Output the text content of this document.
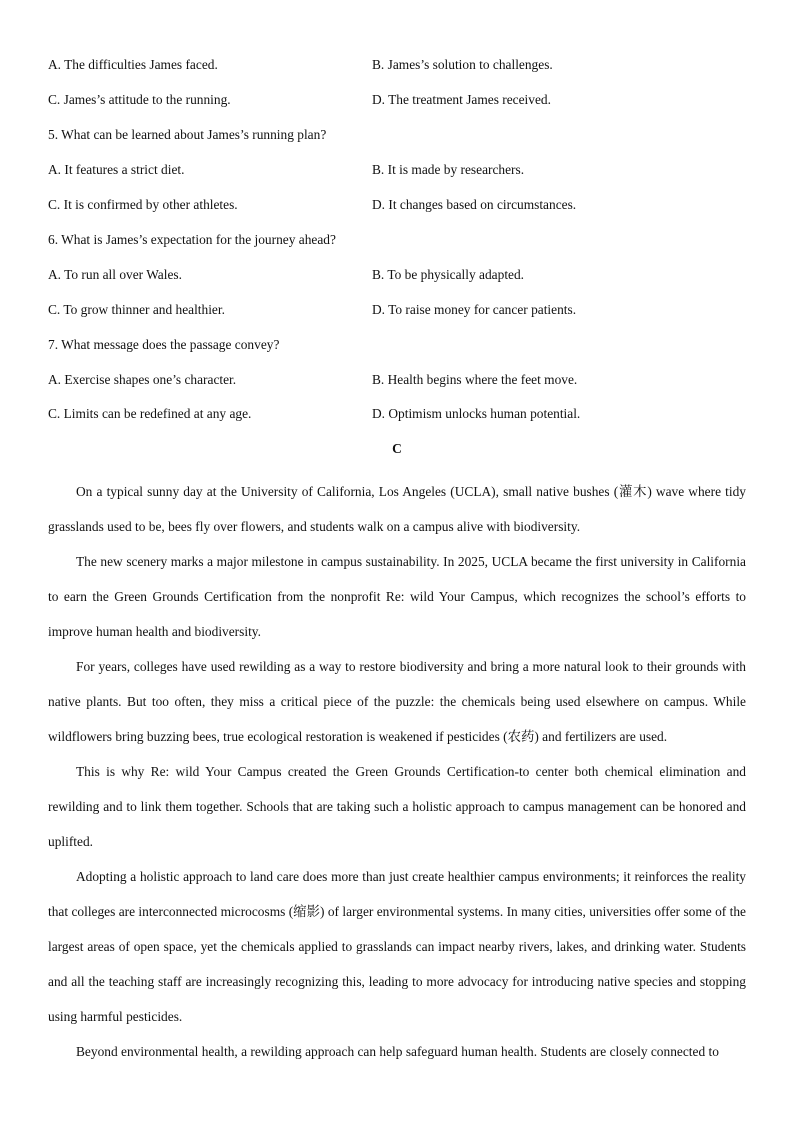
A. The difficulties James faced.	B. James’s solution to challenges.
C. James’s attitude to the running.	D. The treatment James received.
5. What can be learned about James’s running plan?
A. It features a strict diet.	B. It is made by researchers.
C. It is confirmed by other athletes.	D. It changes based on circumstances.
6. What is James’s expectation for the journey ahead?
A. To run all over Wales.	B. To be physically adapted.
C. To grow thinner and healthier.	D. To raise money for cancer patients.
7. What message does the passage convey?
A. Exercise shapes one’s character.	B. Health begins where the feet move.
C. Limits can be redefined at any age.	D. Optimism unlocks human potential.
C

On a typical sunny day at the University of California, Los Angeles (UCLA), small native bushes (灌木) wave where tidy grasslands used to be, bees fly over flowers, and students walk on a campus alive with biodiversity.

The new scenery marks a major milestone in campus sustainability. In 2025, UCLA became the first university in California to earn the Green Grounds Certification from the nonprofit Re: wild Your Campus, which recognizes the school’s efforts to improve human health and biodiversity.

For years, colleges have used rewilding as a way to restore biodiversity and bring a more natural look to their grounds with native plants. But too often, they miss a critical piece of the puzzle: the chemicals being used elsewhere on campus. While wildflowers bring buzzing bees, true ecological restoration is weakened if pesticides (农药) and fertilizers are used.

This is why Re: wild Your Campus created the Green Grounds Certification-to center both chemical elimination and rewilding and to link them together. Schools that are taking such a holistic approach to campus management can be honored and uplifted.

Adopting a holistic approach to land care does more than just create healthier campus environments; it reinforces the reality that colleges are interconnected microcosms (缩影) of larger environmental systems. In many cities, universities offer some of the largest areas of open space, yet the chemicals applied to grasslands can impact nearby rivers, lakes, and drinking water. Students and all the teaching staff are increasingly recognizing this, leading to more advocacy for introducing native species and stopping using harmful pesticides.

Beyond environmental health, a rewilding approach can help safeguard human health. Students are closely connected to
